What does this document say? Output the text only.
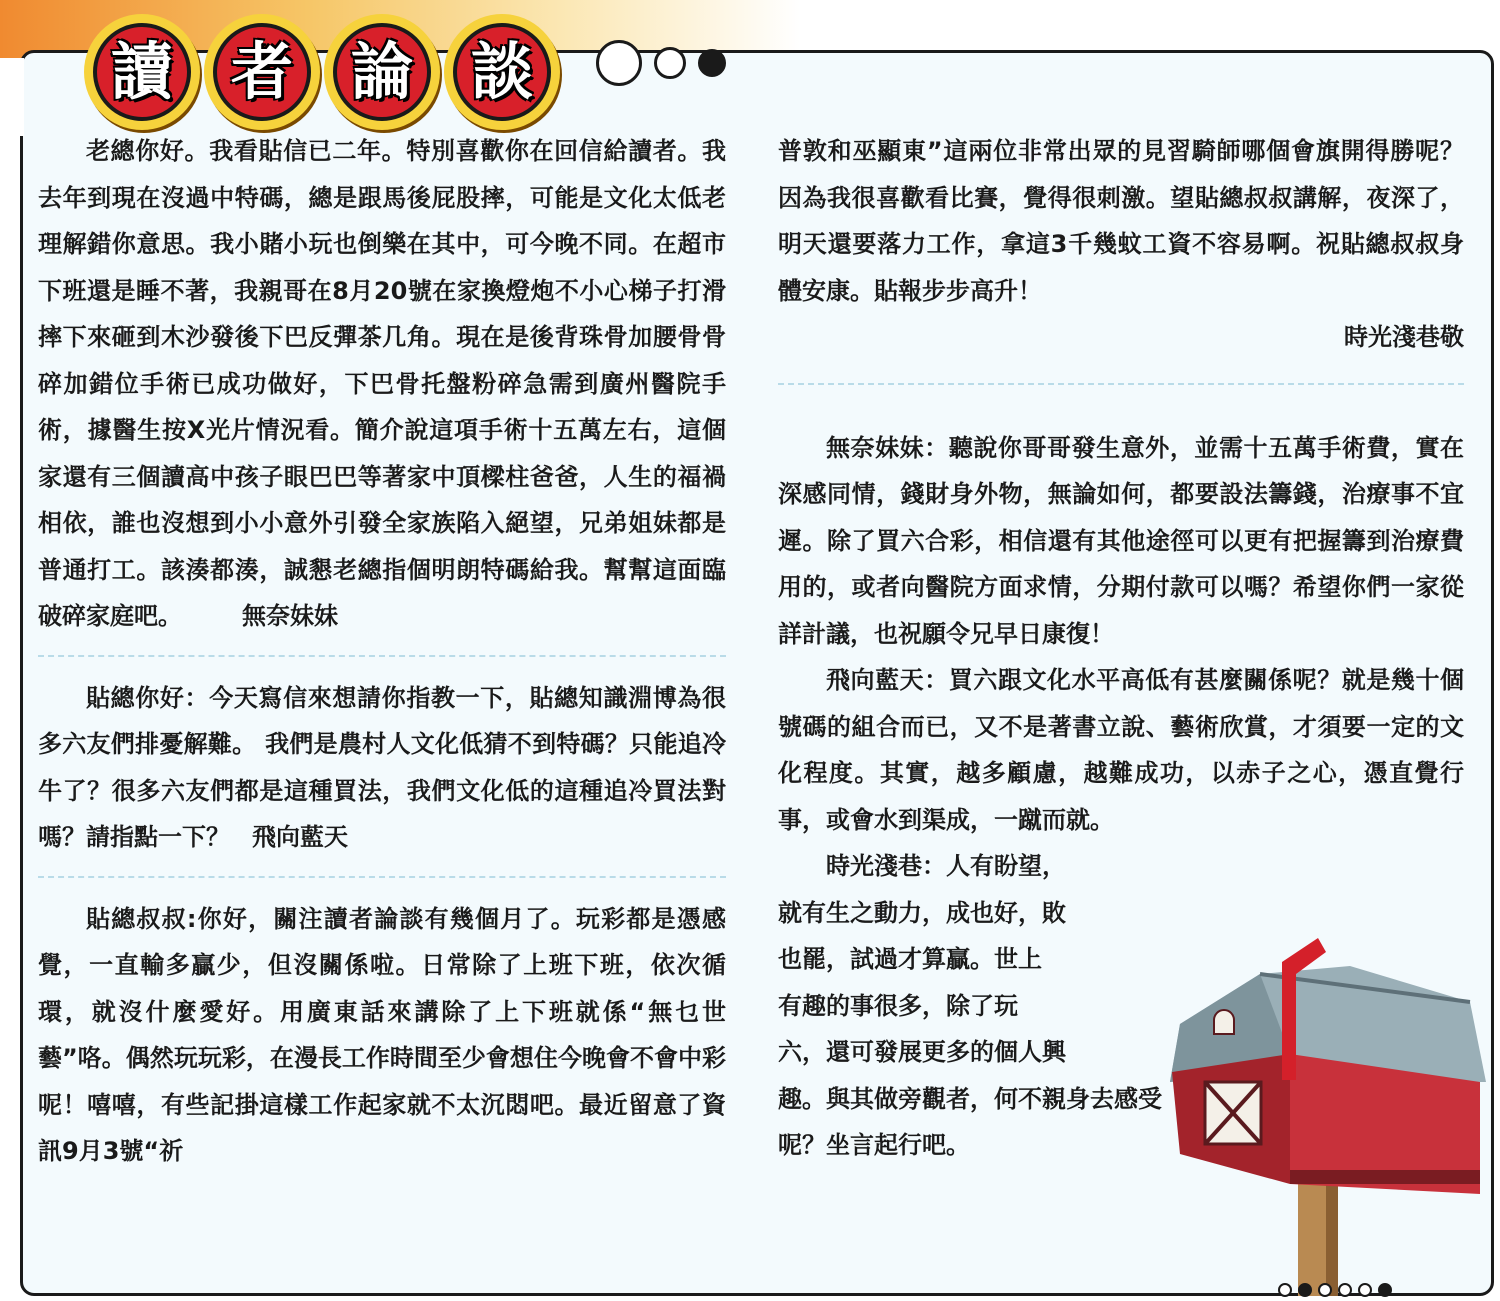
讀 者 論 談

老總你好。我看貼信已二年。特別喜歡你在回信給讀者。我去年到現在沒過中特碼，總是跟馬後屁股摔，可能是文化太低老理解錯你意思。我小賭小玩也倒樂在其中，可今晚不同。在超市下班還是睡不著，我親哥在8月20號在家換燈炮不小心梯子打滑摔下來砸到木沙發後下巴反彈茶几角。現在是後背珠骨加腰骨骨碎加錯位手術已成功做好，下巴骨托盤粉碎急需到廣州醫院手術，據醫生按X光片情況看。簡介說這項手術十五萬左右，這個家還有三個讀高中孩子眼巴巴等著家中頂樑柱爸爸，人生的福禍相依，誰也沒想到小小意外引發全家族陷入絕望，兄弟姐妹都是普通打工。該湊都湊，誠懇老總指個明朗特碼給我。幫幫這面臨破碎家庭吧。	無奈妹妹

貼總你好：今天寫信來想請你指教一下，貼總知識淵博為很多六友們排憂解難。 我們是農村人文化低猜不到特碼？只能追冷牛了？很多六友們都是這種買法，我們文化低的這種追冷買法對嗎？請指點一下？ 飛向藍天

貼總叔叔:你好，關注讀者論談有幾個月了。玩彩都是憑感覺，一直輸多贏少，但沒關係啦。日常除了上班下班，依次循環，就沒什麼愛好。用廣東話來講除了上下班就係“無乜世藝”咯。偶然玩玩彩，在漫長工作時間至少會想住今晚會不會中彩呢！嘻嘻，有些記掛這樣工作起家就不太沉悶吧。最近留意了資訊9月3號“祈

普敦和巫顯東”這兩位非常出眾的見習騎師哪個會旗開得勝呢？因為我很喜歡看比賽，覺得很刺激。望貼總叔叔講解，夜深了，明天還要落力工作，拿這3千幾蚊工資不容易啊。祝貼總叔叔身體安康。貼報步步高升！

時光淺巷敬

無奈妹妹：聽說你哥哥發生意外，並需十五萬手術費，實在深感同情，錢財身外物，無論如何，都要設法籌錢，治療事不宜遲。除了買六合彩，相信還有其他途徑可以更有把握籌到治療費用的，或者向醫院方面求情，分期付款可以嗎？希望你們一家從詳計議，也祝願令兄早日康復！

飛向藍天：買六跟文化水平高低有甚麼關係呢？就是幾十個號碼的組合而已，又不是著書立說、藝術欣賞，才須要一定的文化程度。其實，越多顧慮，越難成功，以赤子之心，憑直覺行事，或會水到渠成，一蹴而就。

時光淺巷：人有盼望，

就有生之動力，成也好，敗

也罷，試過才算贏。世上

有趣的事很多，除了玩

六，還可發展更多的個人興

趣。與其做旁觀者，何不親身去感受

呢？坐言起行吧。
